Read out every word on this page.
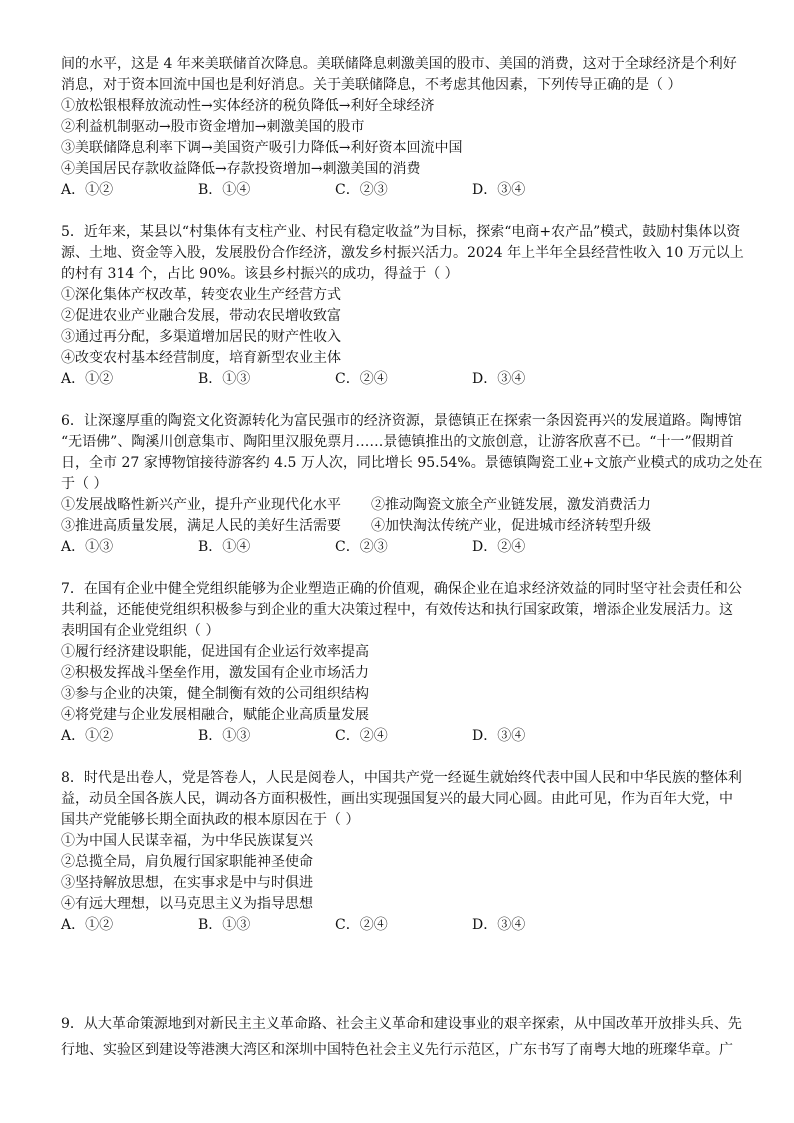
间的水平，这是 4 年来美联储首次降息。美联储降息刺激美国的股市、美国的消费，这对于全球经济是个利好
消息，对于资本回流中国也是利好消息。关于美联储降息，不考虑其他因素，下列传导正确的是（ ）
①放松银根释放流动性→实体经济的税负降低→利好全球经济
②利益机制驱动→股市资金增加→刺激美国的股市
③美联储降息利率下调→美国资产吸引力降低→利好资本回流中国
④美国居民存款收益降低→存款投资增加→刺激美国的消费
A．①②	B．①④	C．②③	D．③④
5．近年来，某县以“村集体有支柱产业、村民有稳定收益”为目标，探索“电商+农产品”模式，鼓励村集体以资
源、土地、资金等入股，发展股份合作经济，激发乡村振兴活力。2024 年上半年全县经营性收入 10 万元以上
的村有 314 个，占比 90%。该县乡村振兴的成功，得益于（ ）
①深化集体产权改革，转变农业生产经营方式
②促进农业产业融合发展，带动农民增收致富
③通过再分配，多渠道增加居民的财产性收入
④改变农村基本经营制度，培育新型农业主体
A．①②	B．①③	C．②④	D．③④
6．让深邃厚重的陶瓷文化资源转化为富民强市的经济资源，景德镇正在探索一条因瓷再兴的发展道路。陶博馆
“无语佛”、陶溪川创意集市、陶阳里汉服免票月……景德镇推出的文旅创意，让游客欣喜不已。“十一”假期首
日，全市 27 家博物馆接待游客约 4.5 万人次，同比增长 95.54%。景德镇陶瓷工业+文旅产业模式的成功之处在
于（ ）
①发展战略性新兴产业，提升产业现代化水平	②推动陶瓷文旅全产业链发展，激发消费活力
③推进高质量发展，满足人民的美好生活需要	④加快淘汰传统产业，促进城市经济转型升级
A．①③	B．①④	C．②③	D．②④
7．在国有企业中健全党组织能够为企业塑造正确的价值观，确保企业在追求经济效益的同时坚守社会责任和公
共利益，还能使党组织积极参与到企业的重大决策过程中，有效传达和执行国家政策，增添企业发展活力。这
表明国有企业党组织（ ）
①履行经济建设职能，促进国有企业运行效率提高
②积极发挥战斗堡垒作用，激发国有企业市场活力
③参与企业的决策，健全制衡有效的公司组织结构
④将党建与企业发展相融合，赋能企业高质量发展
A．①②	B．①③	C．②④	D．③④
8．时代是出卷人，党是答卷人，人民是阅卷人，中国共产党一经诞生就始终代表中国人民和中华民族的整体利
益，动员全国各族人民，调动各方面积极性，画出实现强国复兴的最大同心圆。由此可见，作为百年大党，中
国共产党能够长期全面执政的根本原因在于（ ）
①为中国人民谋幸福，为中华民族谋复兴
②总揽全局，肩负履行国家职能神圣使命
③坚持解放思想，在实事求是中与时俱进
④有远大理想，以马克思主义为指导思想
A．①②	B．①③	C．②④	D．③④
9．从大革命策源地到对新民主主义革命路、社会主义革命和建设事业的艰辛探索，从中国改革开放排头兵、先
行地、实验区到建设等港澳大湾区和深圳中国特色社会主义先行示范区，广东书写了南粤大地的班璨华章。广
